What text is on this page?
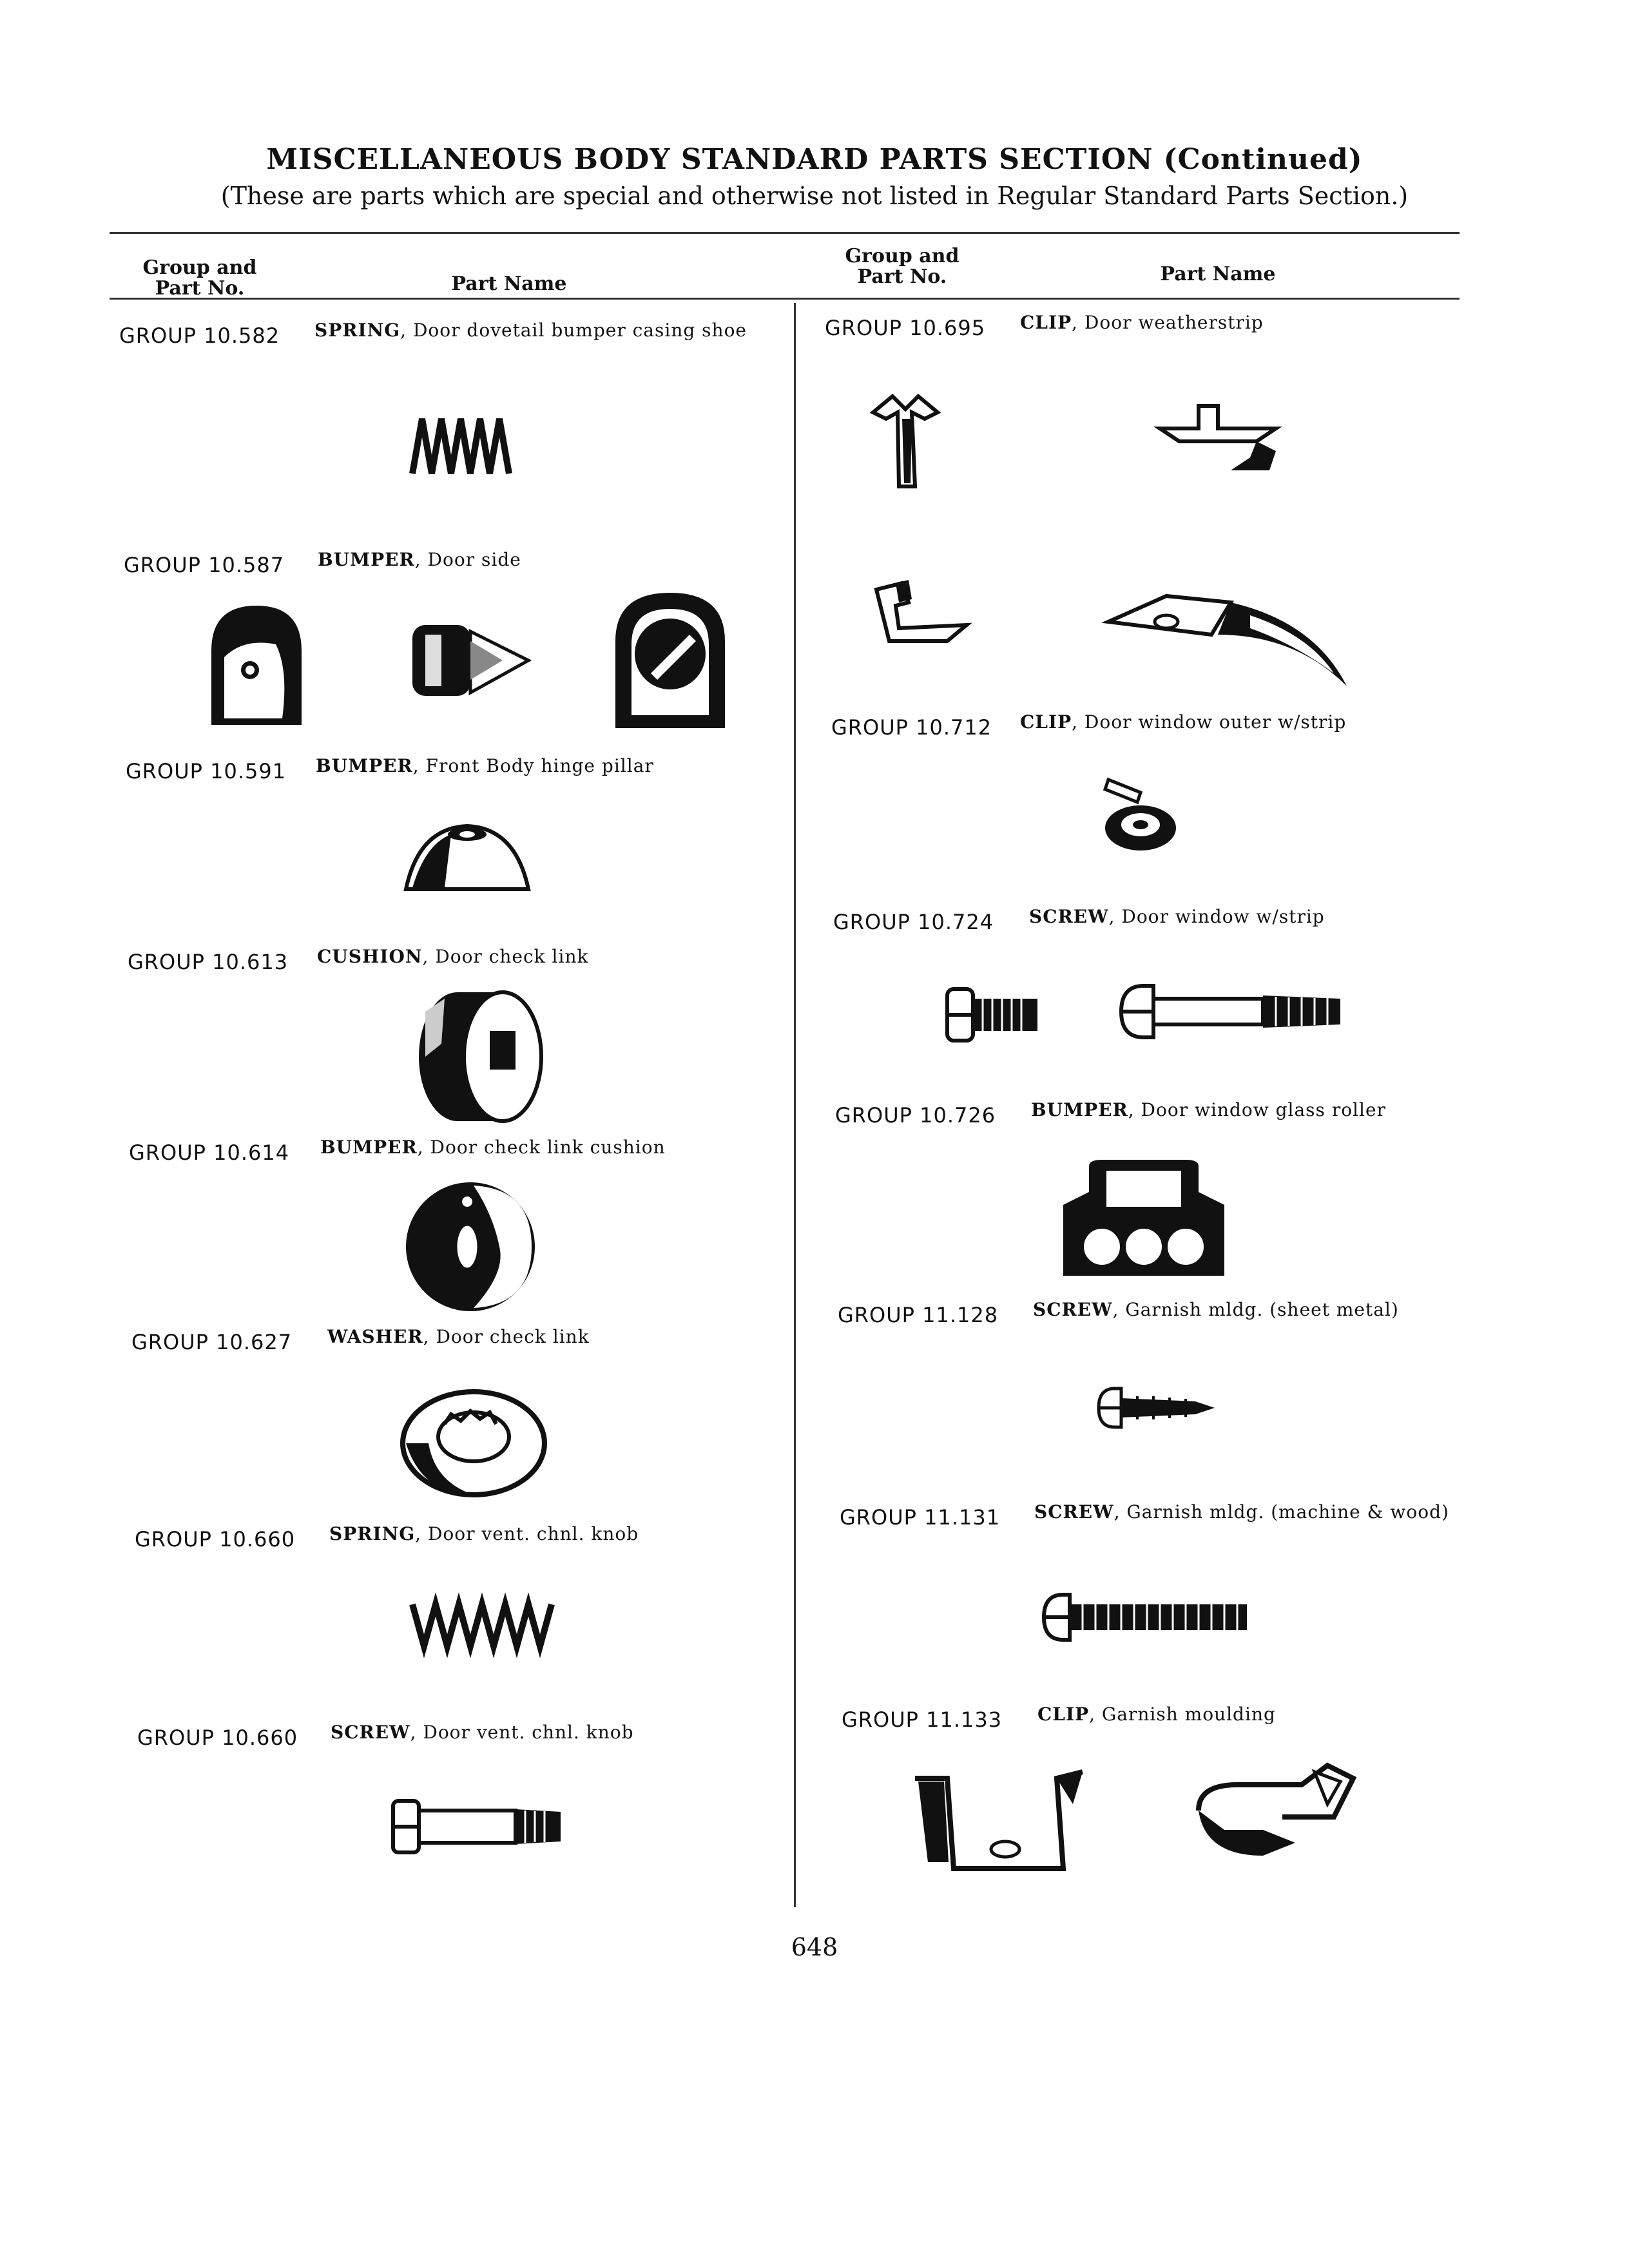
MISCELLANEOUS BODY STANDARD PARTS SECTION (Continued)
(These are parts which are special and otherwise not listed in Regular Standard Parts Section.)
Group and
Part No.	Part Name
Group and
Part No.	Part Name
GROUP 10.582 SPRING, Door dovetail bumper casing shoe
GROUP 10.587 BUMPER, Door side
GROUP 10.591 BUMPER, Front Body hinge pillar
GROUP 10.613 CUSHION, Door check link
GROUP 10.614 BUMPER, Door check link cushion
GROUP 10.627 WASHER, Door check link
GROUP 10.660 SPRING, Door vent. chnl. knob
GROUP 10.660 SCREW, Door vent. chnl. knob
GROUP 10.695 CLIP, Door weatherstrip
GROUP 10.712 CLIP, Door window outer w/strip
GROUP 10.724 SCREW, Door window w/strip
GROUP 10.726 BUMPER, Door window glass roller
GROUP 11.128 SCREW, Garnish mldg. (sheet metal)
GROUP 11.131 SCREW, Garnish mldg. (machine & wood)
GROUP 11.133 CLIP, Garnish moulding
648
